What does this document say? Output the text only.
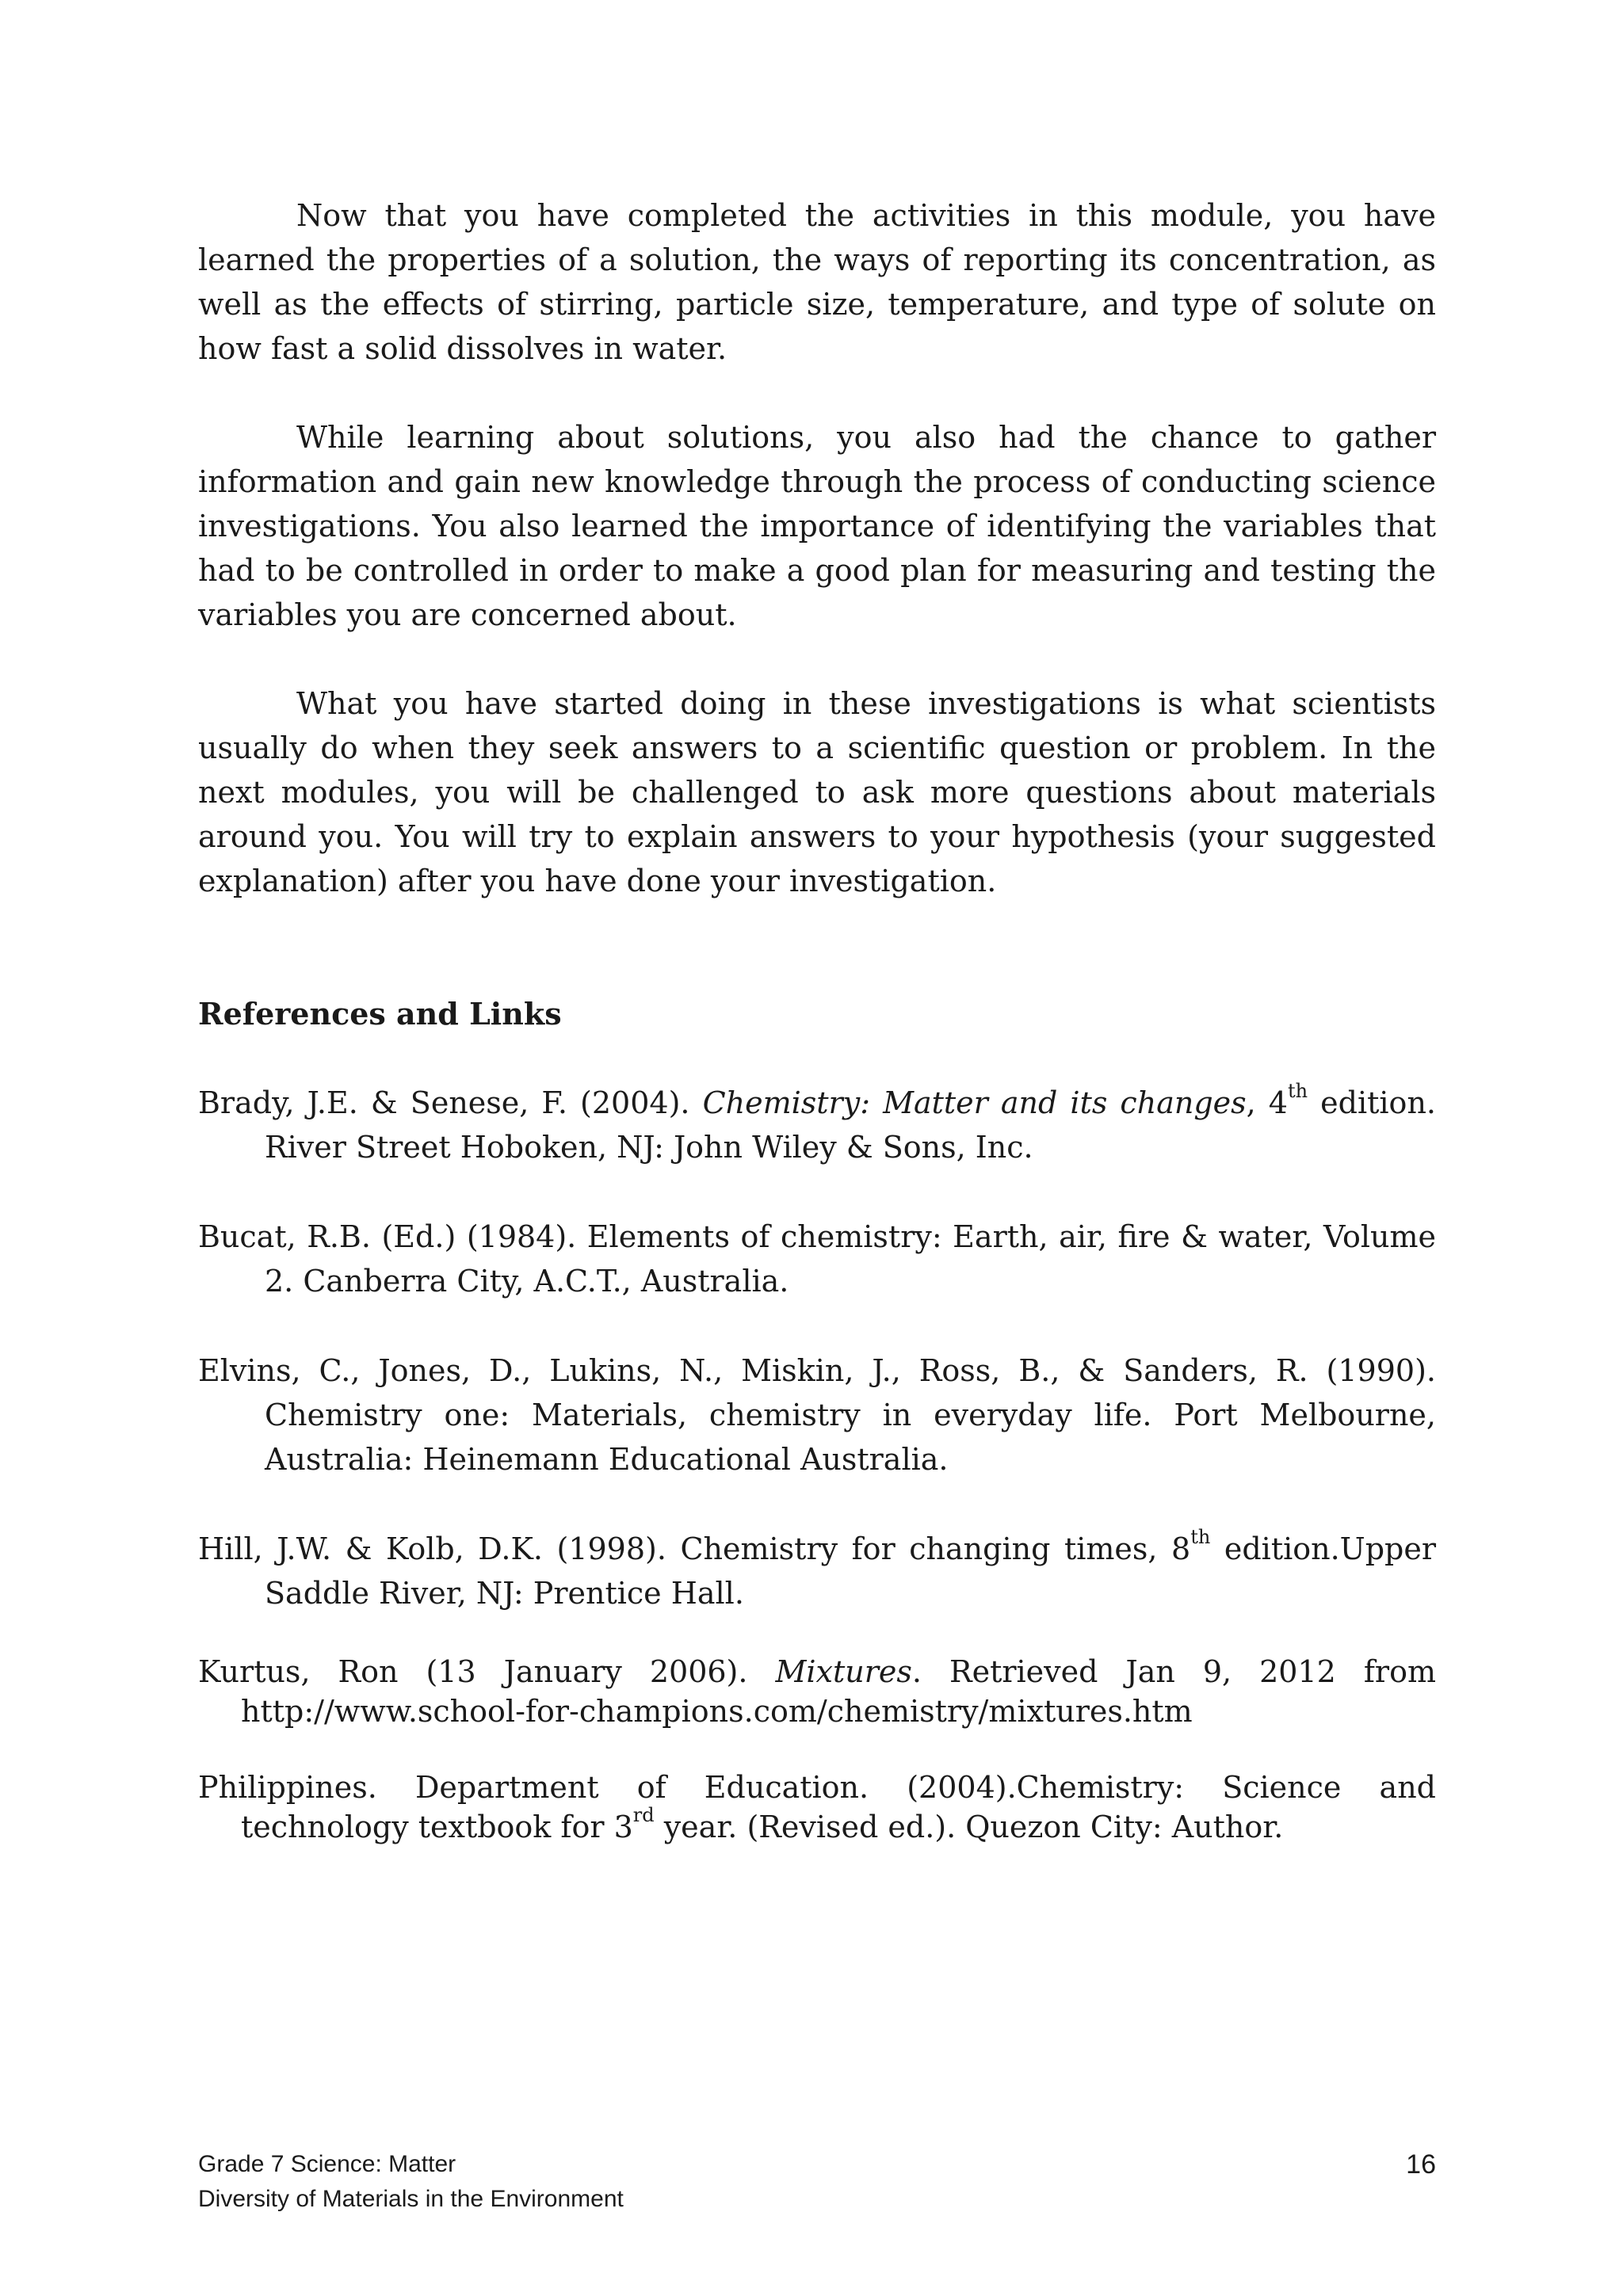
Now that you have completed the activities in this module, you have learned the properties of a solution, the ways of reporting its concentration, as well as the effects of stirring, particle size, temperature, and type of solute on how fast a solid dissolves in water.

While learning about solutions, you also had the chance to gather information and gain new knowledge through the process of conducting science investigations. You also learned the importance of identifying the variables that had to be controlled in order to make a good plan for measuring and testing the variables you are concerned about.

What you have started doing in these investigations is what scientists usually do when they seek answers to a scientific question or problem. In the next modules, you will be challenged to ask more questions about materials around you. You will try to explain answers to your hypothesis (your suggested explanation) after you have done your investigation.

References and Links

Brady, J.E. & Senese, F. (2004). Chemistry: Matter and its changes, 4th edition. River Street Hoboken, NJ: John Wiley & Sons, Inc.

Bucat, R.B. (Ed.) (1984). Elements of chemistry: Earth, air, fire & water, Volume 2. Canberra City, A.C.T., Australia.

Elvins, C., Jones, D., Lukins, N., Miskin, J., Ross, B., & Sanders, R. (1990). Chemistry one: Materials, chemistry in everyday life. Port Melbourne, Australia: Heinemann Educational Australia.

Hill, J.W. & Kolb, D.K. (1998). Chemistry for changing times, 8th edition.Upper Saddle River, NJ: Prentice Hall.

Kurtus, Ron (13 January 2006). Mixtures. Retrieved Jan 9, 2012 from http://www.school-for-champions.com/chemistry/mixtures.htm

Philippines. Department of Education. (2004).Chemistry: Science and technology textbook for 3rd year. (Revised ed.). Quezon City: Author.

Grade 7 Science: Matter
Diversity of Materials in the Environment
16
